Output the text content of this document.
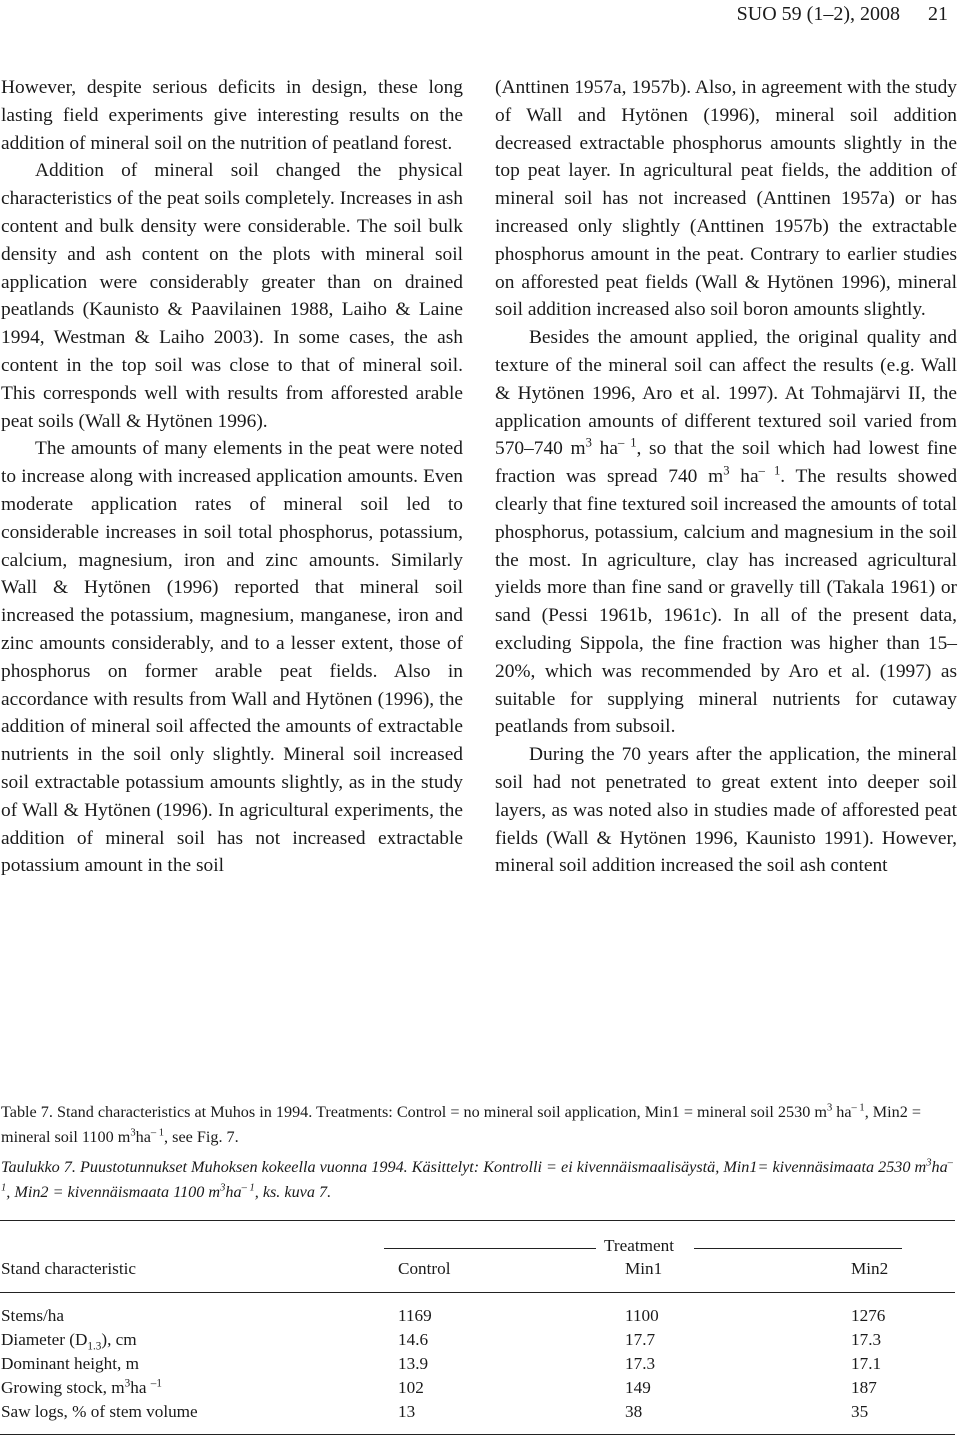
SUO 59 (1–2), 2008 21

However, despite serious deficits in design, these long lasting field experiments give interesting results on the addition of mineral soil on the nutrition of peatland forest.

Addition of mineral soil changed the physical characteristics of the peat soils completely. Increases in ash content and bulk density were considerable. The soil bulk density and ash content on the plots with mineral soil application were considerably greater than on drained peatlands (Kaunisto & Paavilainen 1988, Laiho & Laine 1994, Westman & Laiho 2003). In some cases, the ash content in the top soil was close to that of mineral soil. This corresponds well with results from afforested arable peat soils (Wall & Hytönen 1996).

The amounts of many elements in the peat were noted to increase along with increased application amounts. Even moderate application rates of mineral soil led to considerable increases in soil total phosphorus, potassium, calcium, magnesium, iron and zinc amounts. Similarly Wall & Hytönen (1996) reported that mineral soil increased the potassium, magnesium, manganese, iron and zinc amounts considerably, and to a lesser extent, those of phosphorus on former arable peat fields. Also in accordance with results from Wall and Hytönen (1996), the addition of mineral soil affected the amounts of extractable nutrients in the soil only slightly. Mineral soil increased soil extractable potassium amounts slightly, as in the study of Wall & Hytönen (1996). In agricultural experiments, the addition of mineral soil has not increased extractable potassium amount in the soil

(Anttinen 1957a, 1957b). Also, in agreement with the study of Wall and Hytönen (1996), mineral soil addition decreased extractable phosphorus amounts slightly in the top peat layer. In agricultural peat fields, the addition of mineral soil has not increased (Anttinen 1957a) or has increased only slightly (Anttinen 1957b) the extractable phosphorus amount in the peat. Contrary to earlier studies on afforested peat fields (Wall & Hytönen 1996), mineral soil addition increased also soil boron amounts slightly.

Besides the amount applied, the original quality and texture of the mineral soil can affect the results (e.g. Wall & Hytönen 1996, Aro et al. 1997). At Tohmajärvi II, the application amounts of different textured soil varied from 570–740 $m^3$ $ha^{- 1}$, so that the soil which had lowest fine fraction was spread 740 $m^3$ $ha^{- 1}$. The results showed clearly that fine textured soil increased the amounts of total phosphorus, potassium, calcium and magnesium in the soil the most. In agriculture, clay has increased agricultural yields more than fine sand or gravelly till (Takala 1961) or sand (Pessi 1961b, 1961c). In all of the present data, excluding Sippola, the fine fraction was higher than 15–20%, which was recommended by Aro et al. (1997) as suitable for supplying mineral nutrients for cutaway peatlands from subsoil.

During the 70 years after the application, the mineral soil had not penetrated to great extent into deeper soil layers, as was noted also in studies made of afforested peat fields (Wall & Hytönen 1996, Kaunisto 1991). However, mineral soil addition increased the soil ash content

Table 7. Stand characteristics at Muhos in 1994. Treatments: Control = no mineral soil application, Min1 = mineral soil 2530 $m^3$ $ha^{- 1}$, Min2 = mineral soil 1100 $m^3ha^{- 1}$, see Fig. 7.
Taulukko 7. Puustotunnukset Muhoksen kokeella vuonna 1994. Käsittelyt: Kontrolli = ei kivennäismaalisäystä, Min1= kivennäsimaata 2530 $m^3ha^{- 1}$, Min2 = kivennäismaata 1100 $m^3ha^{- 1}$, ks. kuva 7.
Treatment
Stand characteristic	Control	Min1	Min2
Stems/ha	1169	1100	1276
Diameter $(D_{1.3})$, cm	14.6	17.7	17.3
Dominant height, m	13.9	17.3	17.1
Growing stock, $m^3ha$ $^{-1}$	102	149	187
Saw logs, % of stem volume	13	38	35
